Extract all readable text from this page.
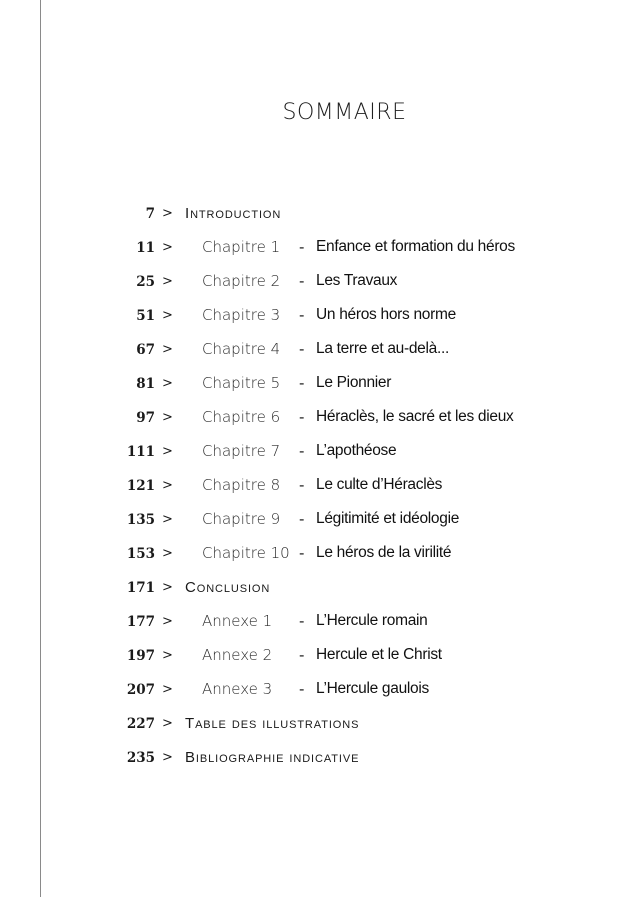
SOMMAIRE
7 > Introduction
11 > Chapitre 1 - Enfance et formation du héros
25 > Chapitre 2 - Les Travaux
51 > Chapitre 3 - Un héros hors norme
67 > Chapitre 4 - La terre et au-delà...
81 > Chapitre 5 - Le Pionnier
97 > Chapitre 6 - Héraclès, le sacré et les dieux
111 > Chapitre 7 - L’apothéose
121 > Chapitre 8 - Le culte d’Héraclès
135 > Chapitre 9 - Légitimité et idéologie
153 > Chapitre 10 - Le héros de la virilité
171 > Conclusion
177 > Annexe 1 - L’Hercule romain
197 > Annexe 2 - Hercule et le Christ
207 > Annexe 3 - L’Hercule gaulois
227 > Table des illustrations
235 > Bibliographie indicative
